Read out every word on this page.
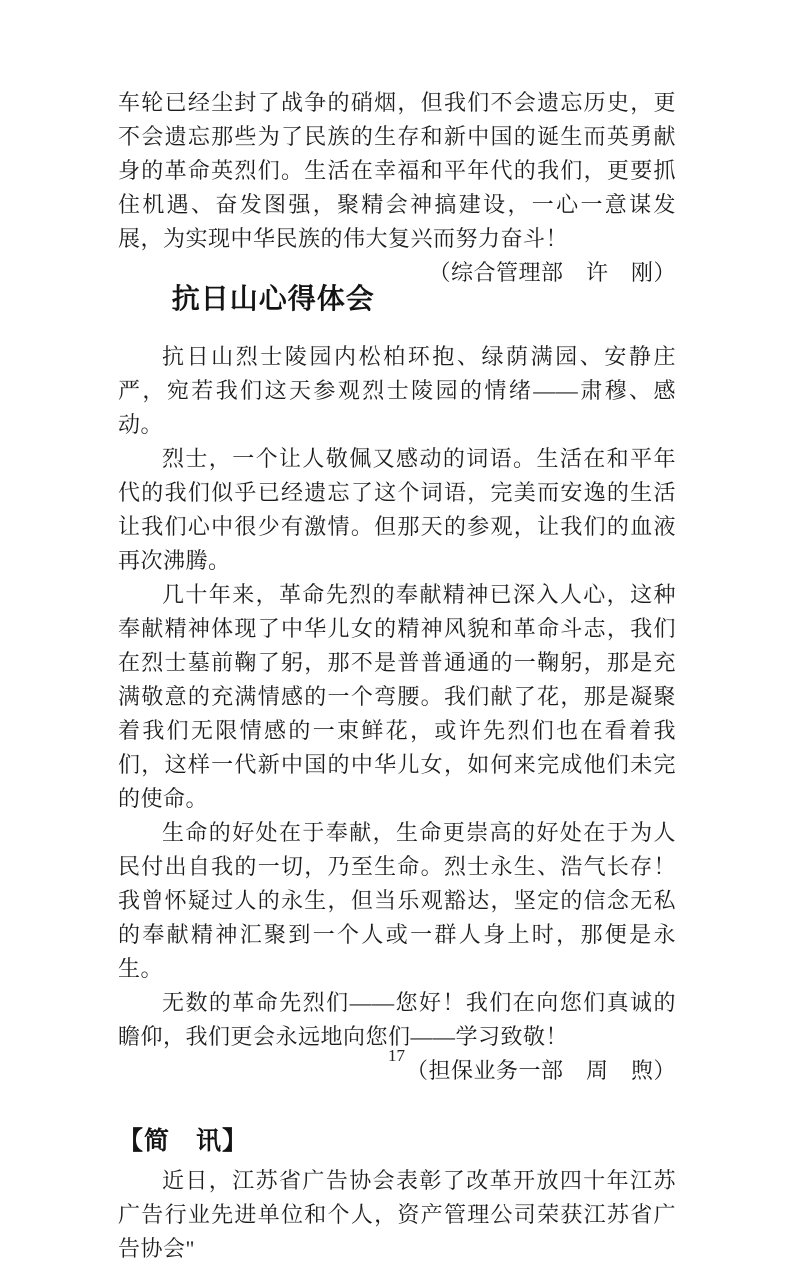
车轮已经尘封了战争的硝烟，但我们不会遗忘历史，更不会遗忘那些为了民族的生存和新中国的诞生而英勇献身的革命英烈们。生活在幸福和平年代的我们，更要抓住机遇、奋发图强，聚精会神搞建设，一心一意谋发展，为实现中华民族的伟大复兴而努力奋斗！
（综合管理部　许　刚）

抗日山心得体会

抗日山烈士陵园内松柏环抱、绿荫满园、安静庄严，宛若我们这天参观烈士陵园的情绪——肃穆、感动。

烈士，一个让人敬佩又感动的词语。生活在和平年代的我们似乎已经遗忘了这个词语，完美而安逸的生活让我们心中很少有激情。但那天的参观，让我们的血液再次沸腾。

几十年来，革命先烈的奉献精神已深入人心，这种奉献精神体现了中华儿女的精神风貌和革命斗志，我们在烈士墓前鞠了躬，那不是普普通通的一鞠躬，那是充满敬意的充满情感的一个弯腰。我们献了花，那是凝聚着我们无限情感的一束鲜花，或许先烈们也在看着我们，这样一代新中国的中华儿女，如何来完成他们未完的使命。

生命的好处在于奉献，生命更崇高的好处在于为人民付出自我的一切，乃至生命。烈士永生、浩气长存！我曾怀疑过人的永生，但当乐观豁达，坚定的信念无私的奉献精神汇聚到一个人或一群人身上时，那便是永生。

无数的革命先烈们——您好！我们在向您们真诚的瞻仰，我们更会永远地向您们——学习致敬！

（担保业务一部　周　煦）

【简　讯】

近日，江苏省广告协会表彰了改革开放四十年江苏广告行业先进单位和个人，资产管理公司荣获江苏省广告协会"

17
